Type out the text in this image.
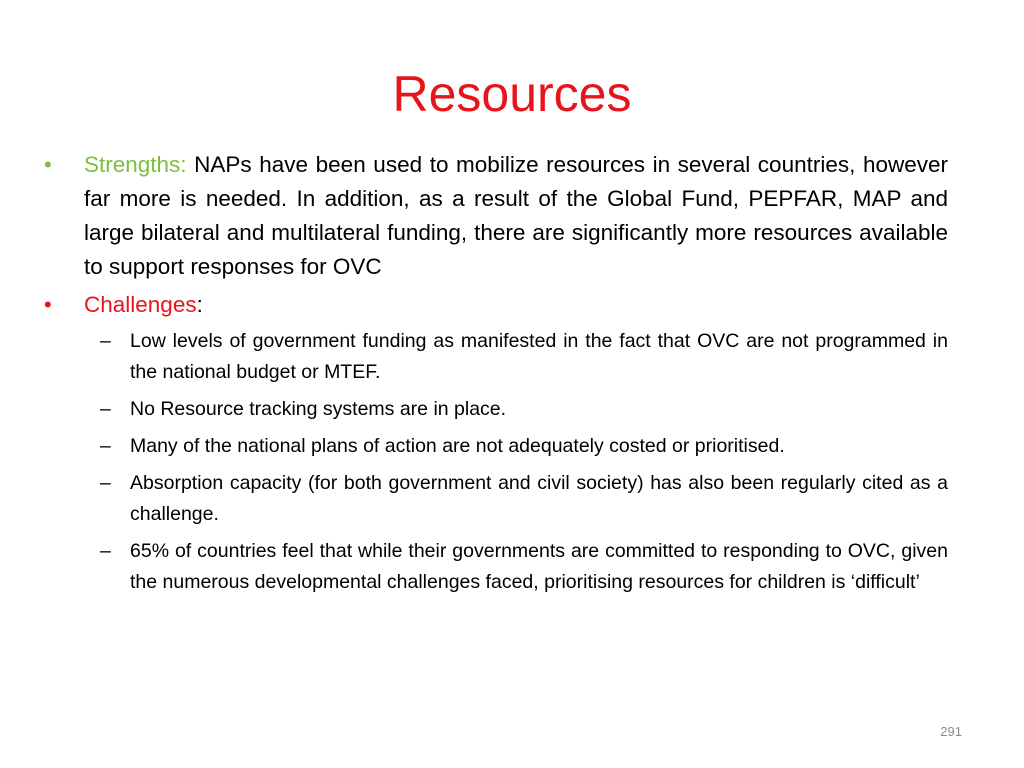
Resources
•	Strengths: NAPs have been used to mobilize resources in several countries, however far more is needed. In addition, as a result of the Global Fund, PEPFAR, MAP and large bilateral and multilateral funding, there are significantly more resources available to support responses for OVC
•	Challenges:
– Low levels of government funding as manifested in the fact that OVC are not programmed in the national budget or MTEF.
– No Resource tracking systems are in place.
– Many of the national plans of action are not adequately costed or prioritised.
– Absorption capacity (for both government and civil society) has also been regularly cited as a challenge.
– 65% of countries feel that while their governments are committed to responding to OVC, given the numerous developmental challenges faced, prioritising resources for children is ‘difficult’
291
